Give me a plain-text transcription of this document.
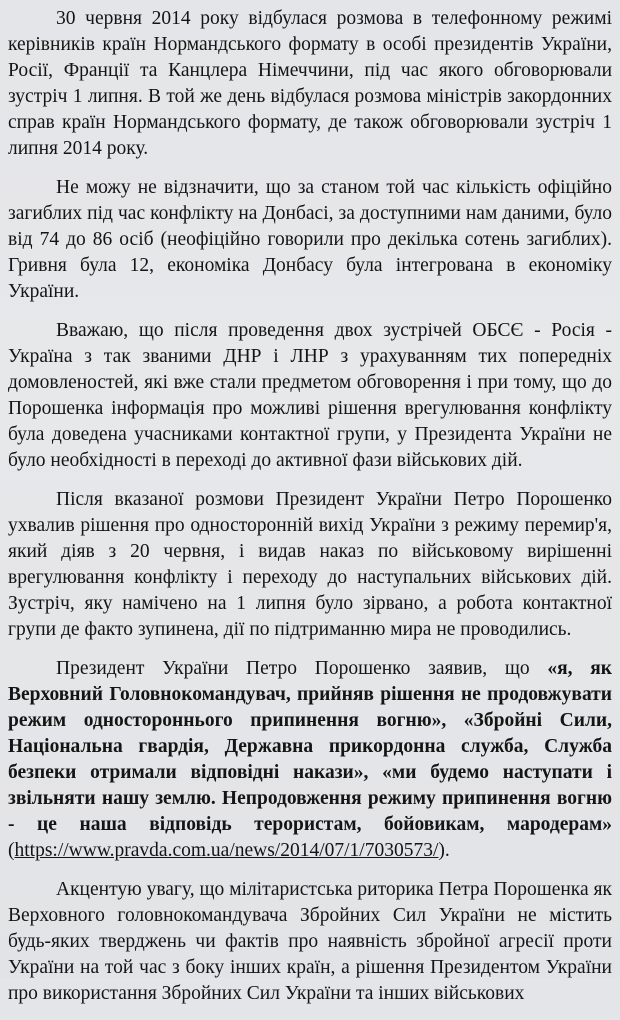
30 червня 2014 року відбулася розмова в телефонному режимі керівників країн Нормандського формату в особі президентів України, Росії, Франції та Канцлера Німеччини, під час якого обговорювали зустріч 1 липня. В той же день відбулася розмова міністрів закордонних справ країн Нормандського формату, де також обговорювали зустріч 1 липня 2014 року.

Не можу не відзначити, що за станом той час кількість офіційно загиблих під час конфлікту на Донбасі, за доступними нам даними, було від 74 до 86 осіб (неофіційно говорили про декілька сотень загиблих). Гривня була 12, економіка Донбасу була інтегрована в економіку України.

Вважаю, що після проведення двох зустрічей ОБСЄ - Росія - Україна з так званими ДНР і ЛНР з урахуванням тих попередніх домовленостей, які вже стали предметом обговорення і при тому, що до Порошенка інформація про можливі рішення врегулювання конфлікту була доведена учасниками контактної групи, у Президента України не було необхідності в переході до активної фази військових дій.

Після вказаної розмови Президент України Петро Порошенко ухвалив рішення про односторонній вихід України з режиму перемир'я, який діяв з 20 червня, і видав наказ по військовому вирішенні врегулювання конфлікту і переходу до наступальних військових дій. Зустріч, яку намічено на 1 липня було зірвано, а робота контактної групи де факто зупинена, дії по підтриманню мира не проводились.

Президент України Петро Порошенко заявив, що «я, як Верховний Головнокомандувач, прийняв рішення не продовжувати режим одностороннього припинення вогню», «Збройні Сили, Національна гвардія, Державна прикордонна служба, Служба безпеки отримали відповідні накази», «ми будемо наступати і звільняти нашу землю. Непродовження режиму припинення вогню - це наша відповідь терористам, бойовикам, мародерам» (https://www.pravda.com.ua/news/2014/07/1/7030573/).

Акцентую увагу, що мілітаристська риторика Петра Порошенка як Верховного головнокомандувача Збройних Сил України не містить будь-яких тверджень чи фактів про наявність збройної агресії проти України на той час з боку інших країн, а рішення Президентом України про використання Збройних Сил України та інших військових
